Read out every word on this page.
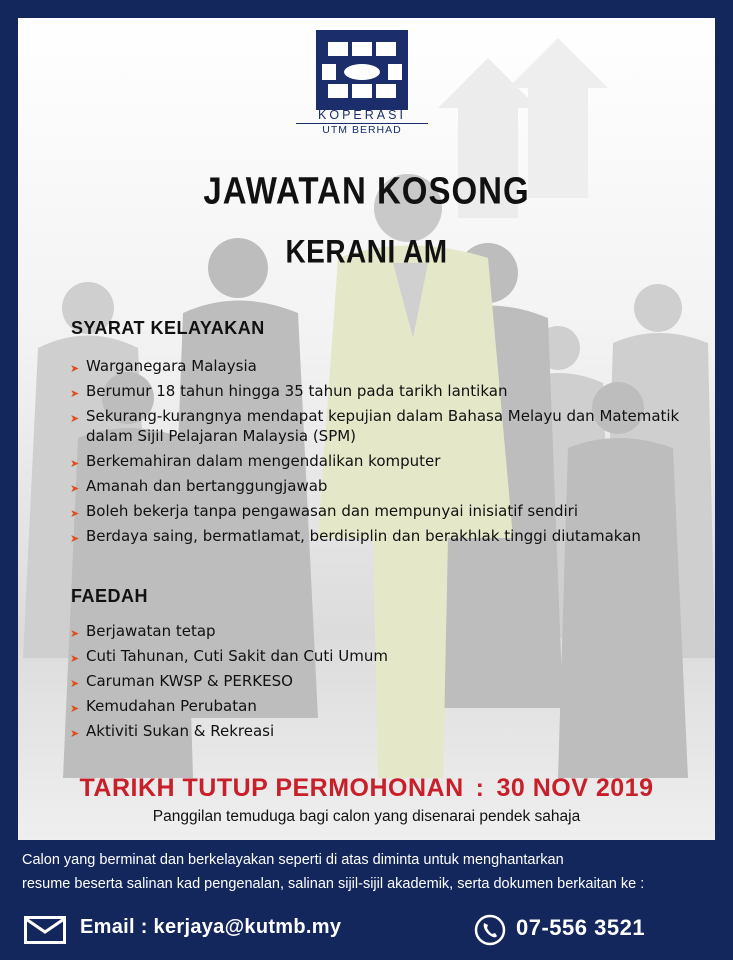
KOPERASI
UTM BERHAD
JAWATAN KOSONG
KERANI AM
SYARAT KELAYAKAN
➤ Warganegara Malaysia
➤ Berumur 18 tahun hingga 35 tahun pada tarikh lantikan
➤ Sekurang-kurangnya mendapat kepujian dalam Bahasa Melayu dan Matematik dalam Sijil Pelajaran Malaysia (SPM)
➤ Berkemahiran dalam mengendalikan komputer
➤ Amanah dan bertanggungjawab
➤ Boleh bekerja tanpa pengawasan dan mempunyai inisiatif sendiri
➤ Berdaya saing, bermatlamat, berdisiplin dan berakhlak tinggi diutamakan
FAEDAH
➤ Berjawatan tetap
➤ Cuti Tahunan, Cuti Sakit dan Cuti Umum
➤ Caruman KWSP & PERKESO
➤ Kemudahan Perubatan
➤ Aktiviti Sukan & Rekreasi
TARIKH TUTUP PERMOHONAN : 30 NOV 2019
Panggilan temuduga bagi calon yang disenarai pendek sahaja
Calon yang berminat dan berkelayakan seperti di atas diminta untuk menghantarkan
resume beserta salinan kad pengenalan, salinan sijil-sijil akademik, serta dokumen berkaitan ke :
Email : kerjaya@kutmb.my	07-556 3521
